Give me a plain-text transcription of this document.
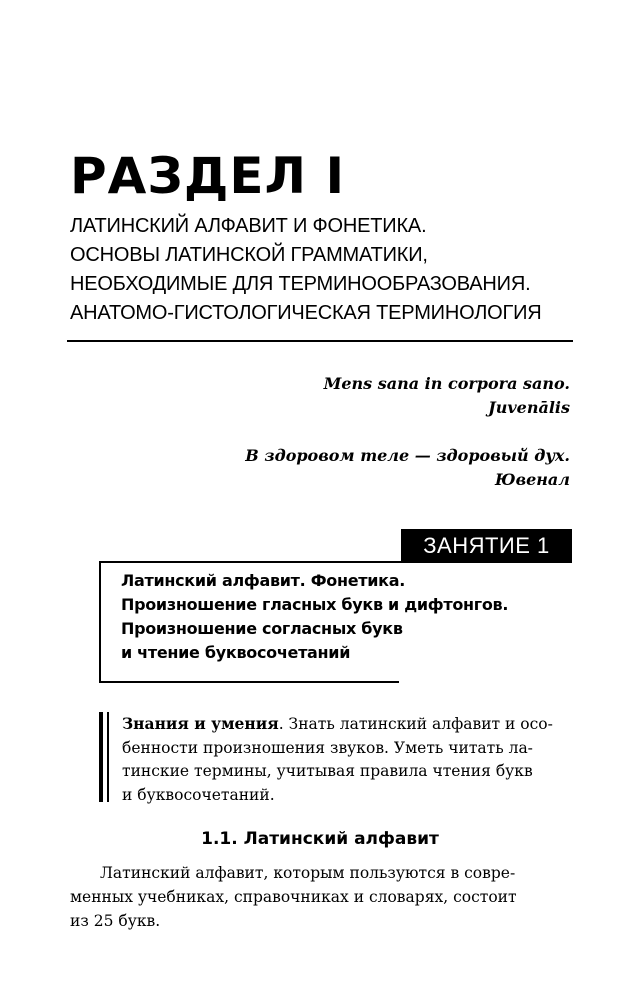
РАЗДЕЛ I
ЛАТИНСКИЙ АЛФАВИТ И ФОНЕТИКА.
ОСНОВЫ ЛАТИНСКОЙ ГРАММАТИКИ,
НЕОБХОДИМЫЕ ДЛЯ ТЕРМИНООБРАЗОВАНИЯ.
АНАТОМО-ГИСТОЛОГИЧЕСКАЯ ТЕРМИНОЛОГИЯ
Mens sana in corpora sano.
Juvenālis
В здоровом теле — здоровый дух.
Ювенал
ЗАНЯТИЕ 1
Латинский алфавит. Фонетика.
Произношение гласных букв и дифтонгов.
Произношение согласных букв
и чтение буквосочетаний
Знания и умения. Знать латинский алфавит и осо-
бенности произношения звуков. Уметь читать ла-
тинские термины, учитывая правила чтения букв
и буквосочетаний.
1.1. Латинский алфавит
Латинский алфавит, которым пользуются в совре-
менных учебниках, справочниках и словарях, состоит
из 25 букв.
